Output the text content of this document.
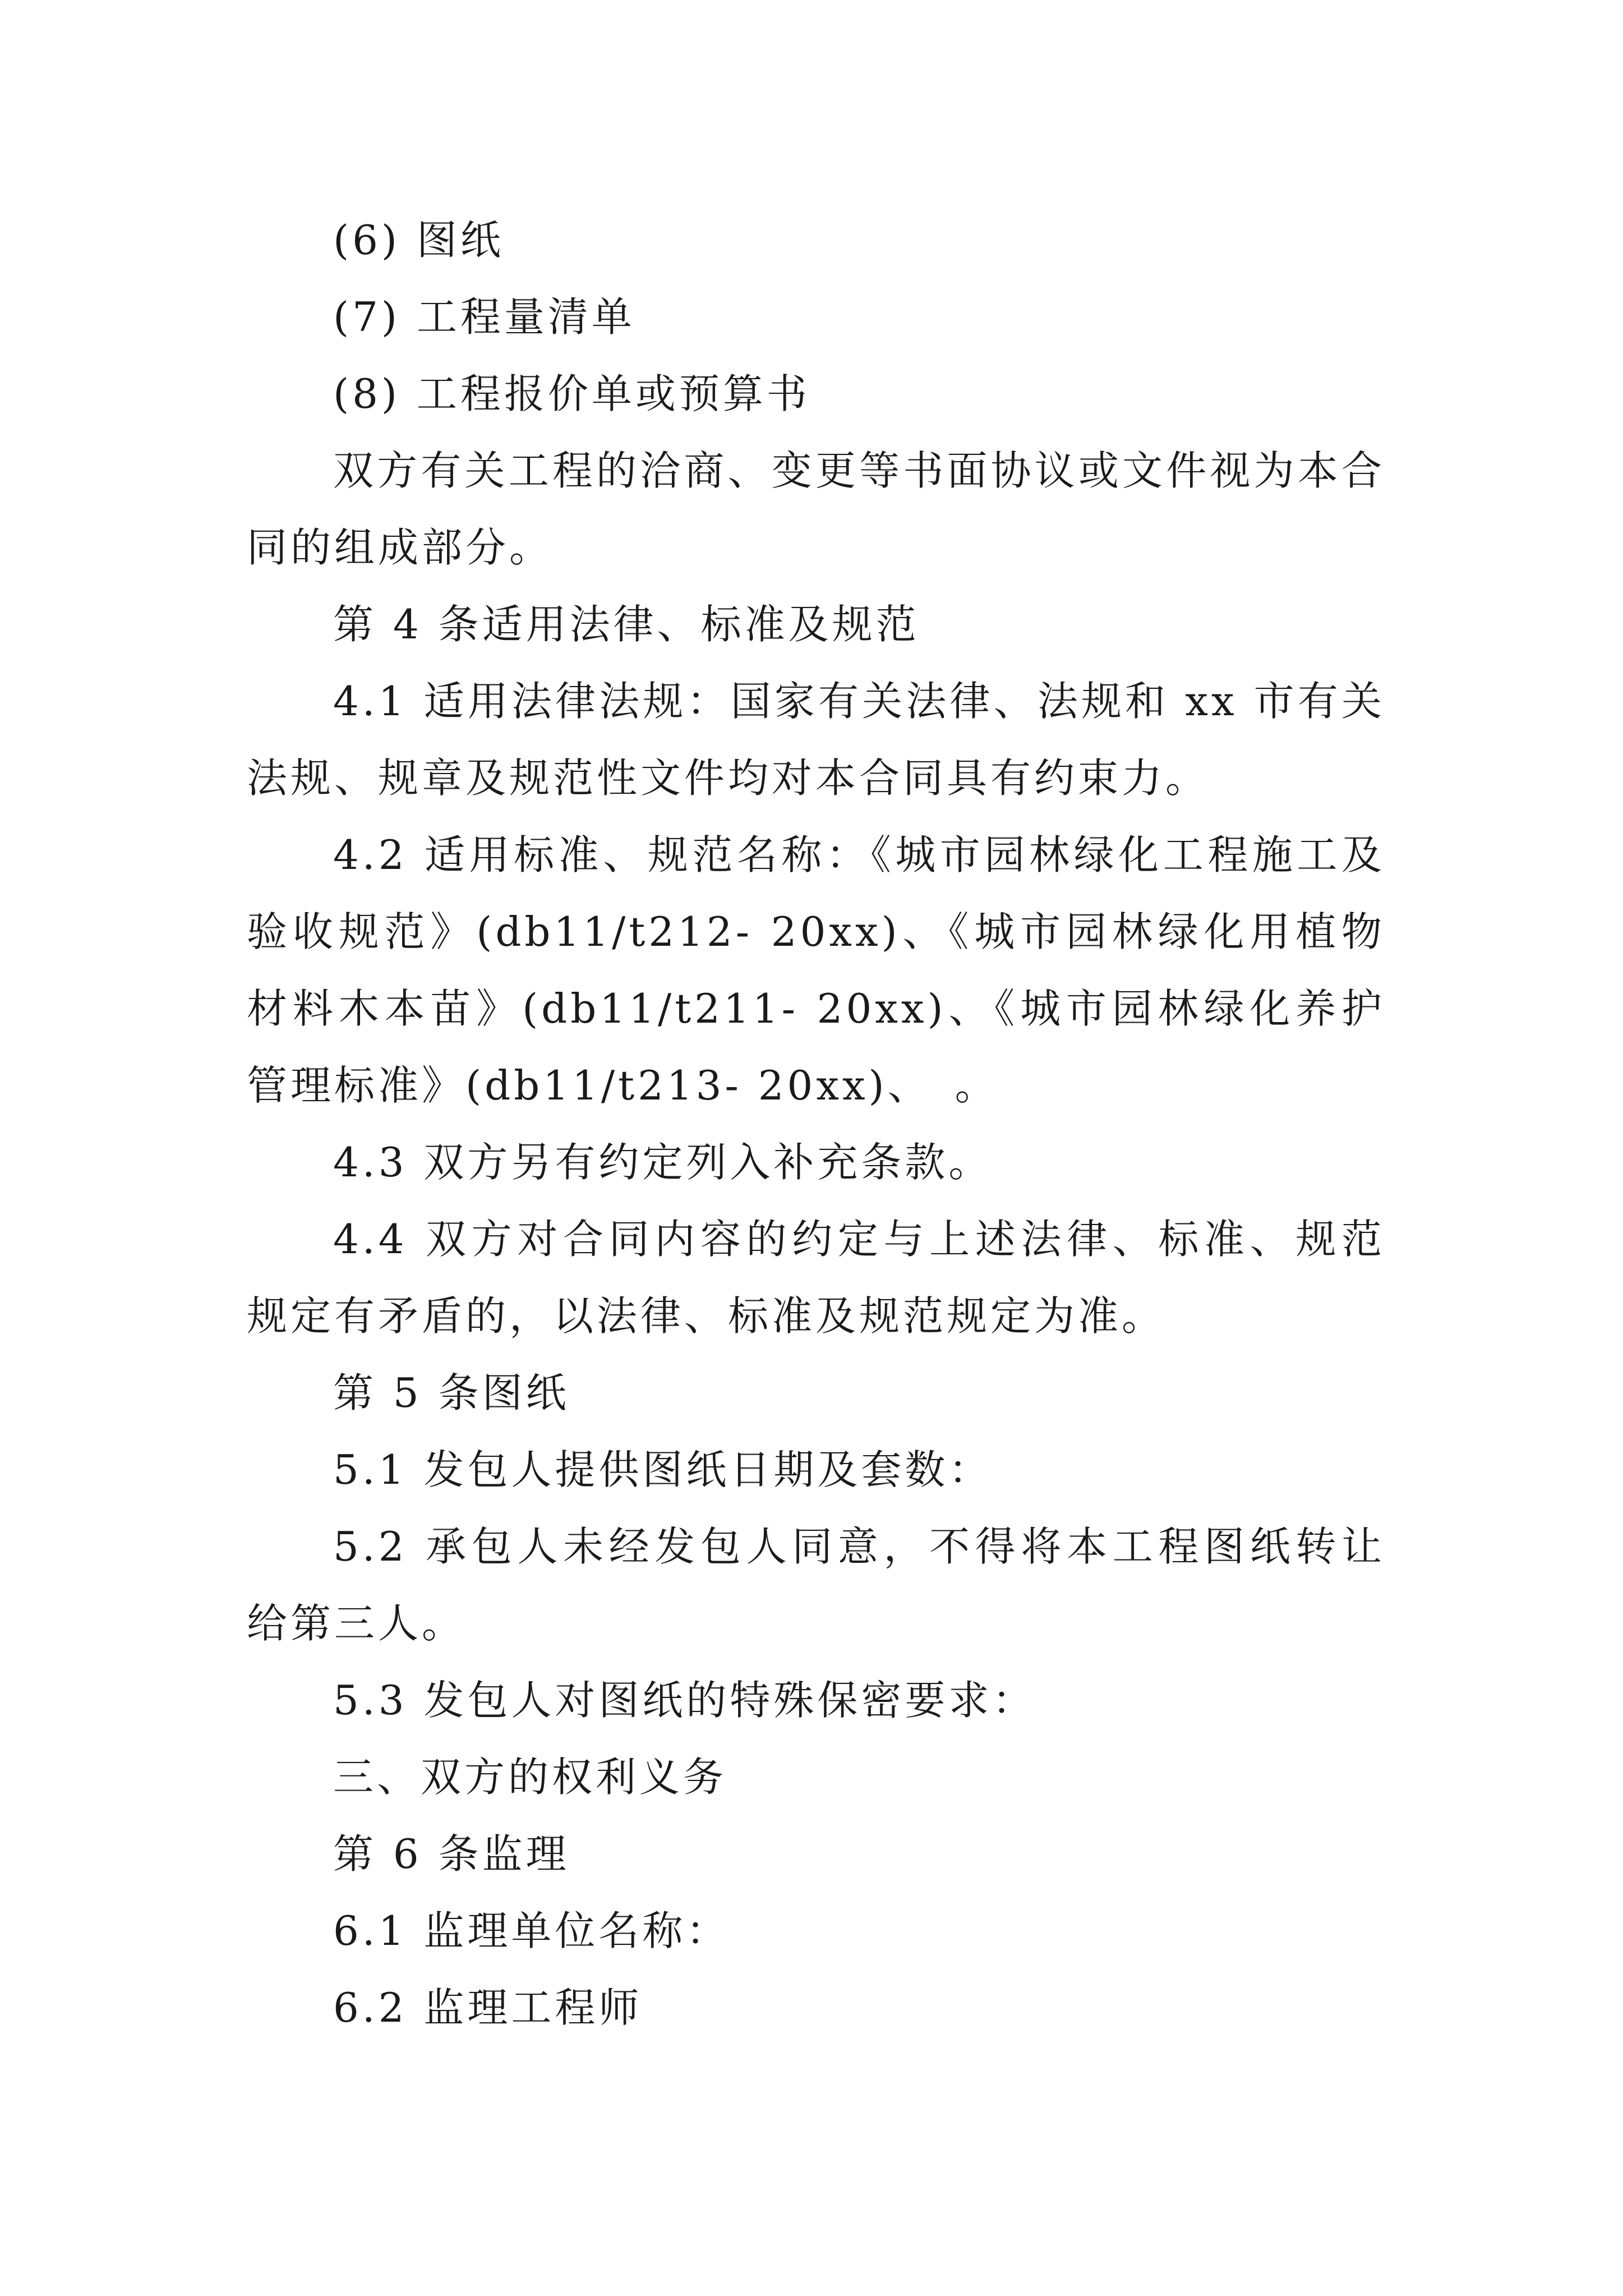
(6) 图纸

(7) 工程量清单

(8) 工程报价单或预算书

双方有关工程的洽商、变更等书面协议或文件视为本合同的组成部分。

第 4 条适用法律、标准及规范

4.1 适用法律法规：国家有关法律、法规和 xx 市有关法规、规章及规范性文件均对本合同具有约束力。

4.2 适用标准、规范名称：《城市园林绿化工程施工及验收规范》(db11/t212- 20xx)、《城市园林绿化用植物材料木本苗》(db11/t211- 20xx)、《城市园林绿化养护管理标准》(db11/t213- 20xx)、　。

4.3 双方另有约定列入补充条款。

4.4 双方对合同内容的约定与上述法律、标准、规范规定有矛盾的，以法律、标准及规范规定为准。

第 5 条图纸

5.1 发包人提供图纸日期及套数：

5.2 承包人未经发包人同意，不得将本工程图纸转让给第三人。

5.3 发包人对图纸的特殊保密要求：

三、双方的权利义务

第 6 条监理

6.1 监理单位名称：

6.2 监理工程师
